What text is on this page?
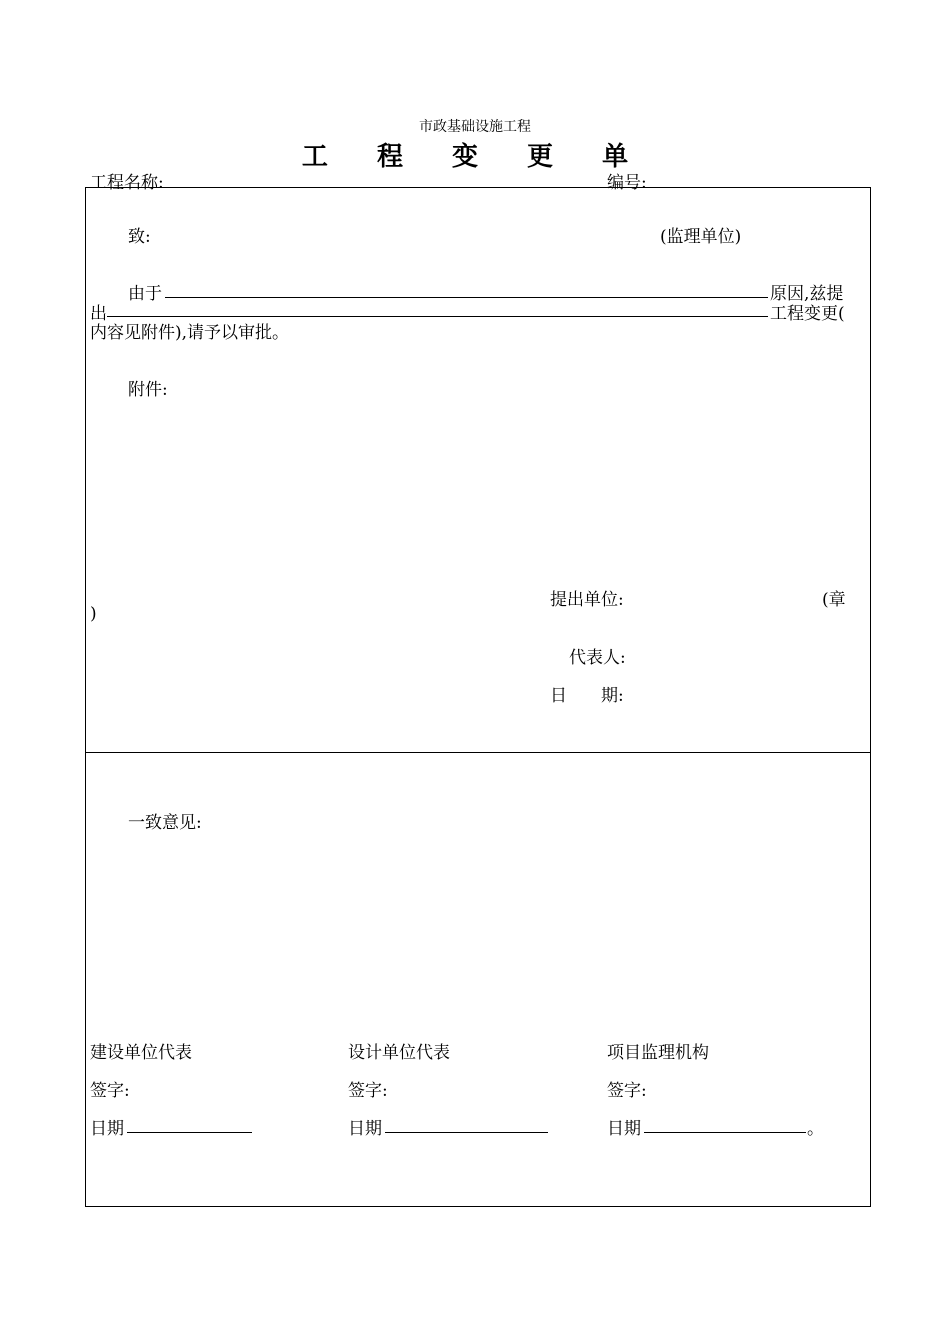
市政基础设施工程
工 程 变 更 单
工程名称:	编号:
致:	(监理单位)
由于	原因,兹提
出	工程变更(
内容见附件),请予以审批。
附件:
提出单位:	(章
)
代表人:
日　　期:
一致意见:
建设单位代表	设计单位代表	项目监理机构
签字:	签字:	签字:
日期	日期	日期	。
